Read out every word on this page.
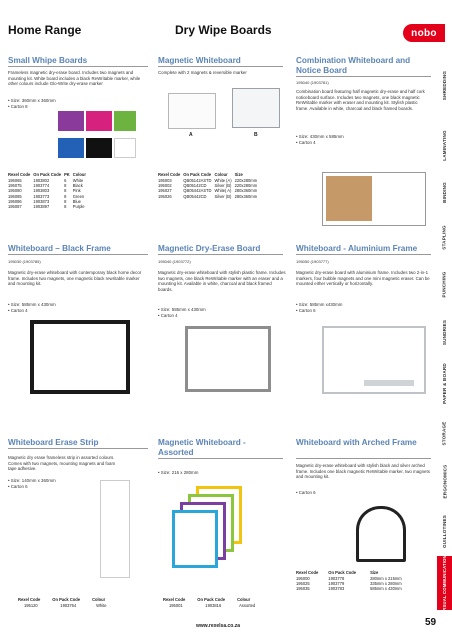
Home Range	Dry Wipe Boards	nobo
SHREDDING
LAMINATING
BINDING
STAPLING
PUNCHING
SUNDRIES
PAPER & BOARD
STORAGE
ERGONOMICS
GUILLOTINES
VISUAL COMMUNICATION
Small Whipe Boards
Frameless magnetic dry-erase board. Includes two magnets and mounting kit. White board includes a black ReWritable marker, while other colours include Glo-Write dry-erase marker
• Size: 360mm x 360mm
• Carton 8
Rexel Code	On Pack Code	PK	Colour
195065	1903802	6	White
195075	1903774	8	Black
195080	1903803	8	Pink
195085	1903773	8	Green
195086	1903873	8	Blue
195087	1903897	8	Purple
Magnetic Whiteboard
Complete with 2 magnets & reversible marker
A	B
Rexel Code	On Pack Code	Colour	Size
195003	QB05142ASTD	White (A)	220x280mm
195002	QB05142CD	Silver (B)	220x280mm
195027	QB05442ASTD	White( A)	280x360mm
195026	QB05442CD	Silver (B)	280x360mm
Combination Whiteboard and Notice Board
195040 (1903781)
Combination board featuring half magnetic dry-erase and half cork noticeboard surface. Includes two magnets, one black magnetic ReWritable marker with eraser and mounting kit. Stylish plastic frame. Available in white, charcoal and black framed boards.
• Size: 430mm x 585mm
• Carton 4
Whiteboard – Black Frame
195030 (1903785)
Magnetic dry-erase whiteboard with contemporary black home decor frame. Includes two magnets, one magnetic black rewritable marker and mounting kit.
• Size: 585mm x 430mm
• Carton 4
Magnetic Dry-Erase Board
195040 (1903772)
Magnetic dry-erase whiteboard with stylish plastic frame. Includes two magnets, one black ReWritable marker with an eraser and a mounting kit. Available in white, charcoal and black framed boards.
• Size: 585mm x 430mm
• Carton 4
Whiteboard - Aluminium Frame
195050 (1903777)
Magnetic dry-erase board with aluminium frame. Includes two 2-in-1 markers, four bubble magnets and one mini magnetic eraser. Can be mounted either vertically or horizontally.
• Size: 585mm x430mm
• Carton 6
Whiteboard Erase Strip
Magnetic dry erase frameless strip in assorted colours. Comes with two magnets, mounting magnets and foam tape adhesive.
• Size: 140mm x 360mm
• Carton 6
Rexel Code	On Pack Code	Colour
195120	1903764	White
Magnetic Whiteboard - Assorted
• Size: 216 x 280mm
Rexel Code	On Pack Code	Colour
195001	1903816	Assorted
Whiteboard with Arched Frame
Magnetic dry-erase whiteboard with stylish black and silver arched frame. Includes one black magnetic ReWritable marker, two magnets and mounting kit.
• Carton 6
Rexel Code	On Pack Code	Size
195000	1903778	280mm x 215mm
195025	1903779	335mm x 280mm
195035	1903783	585mm x 430mm
www.rexelsa.co.za	59
